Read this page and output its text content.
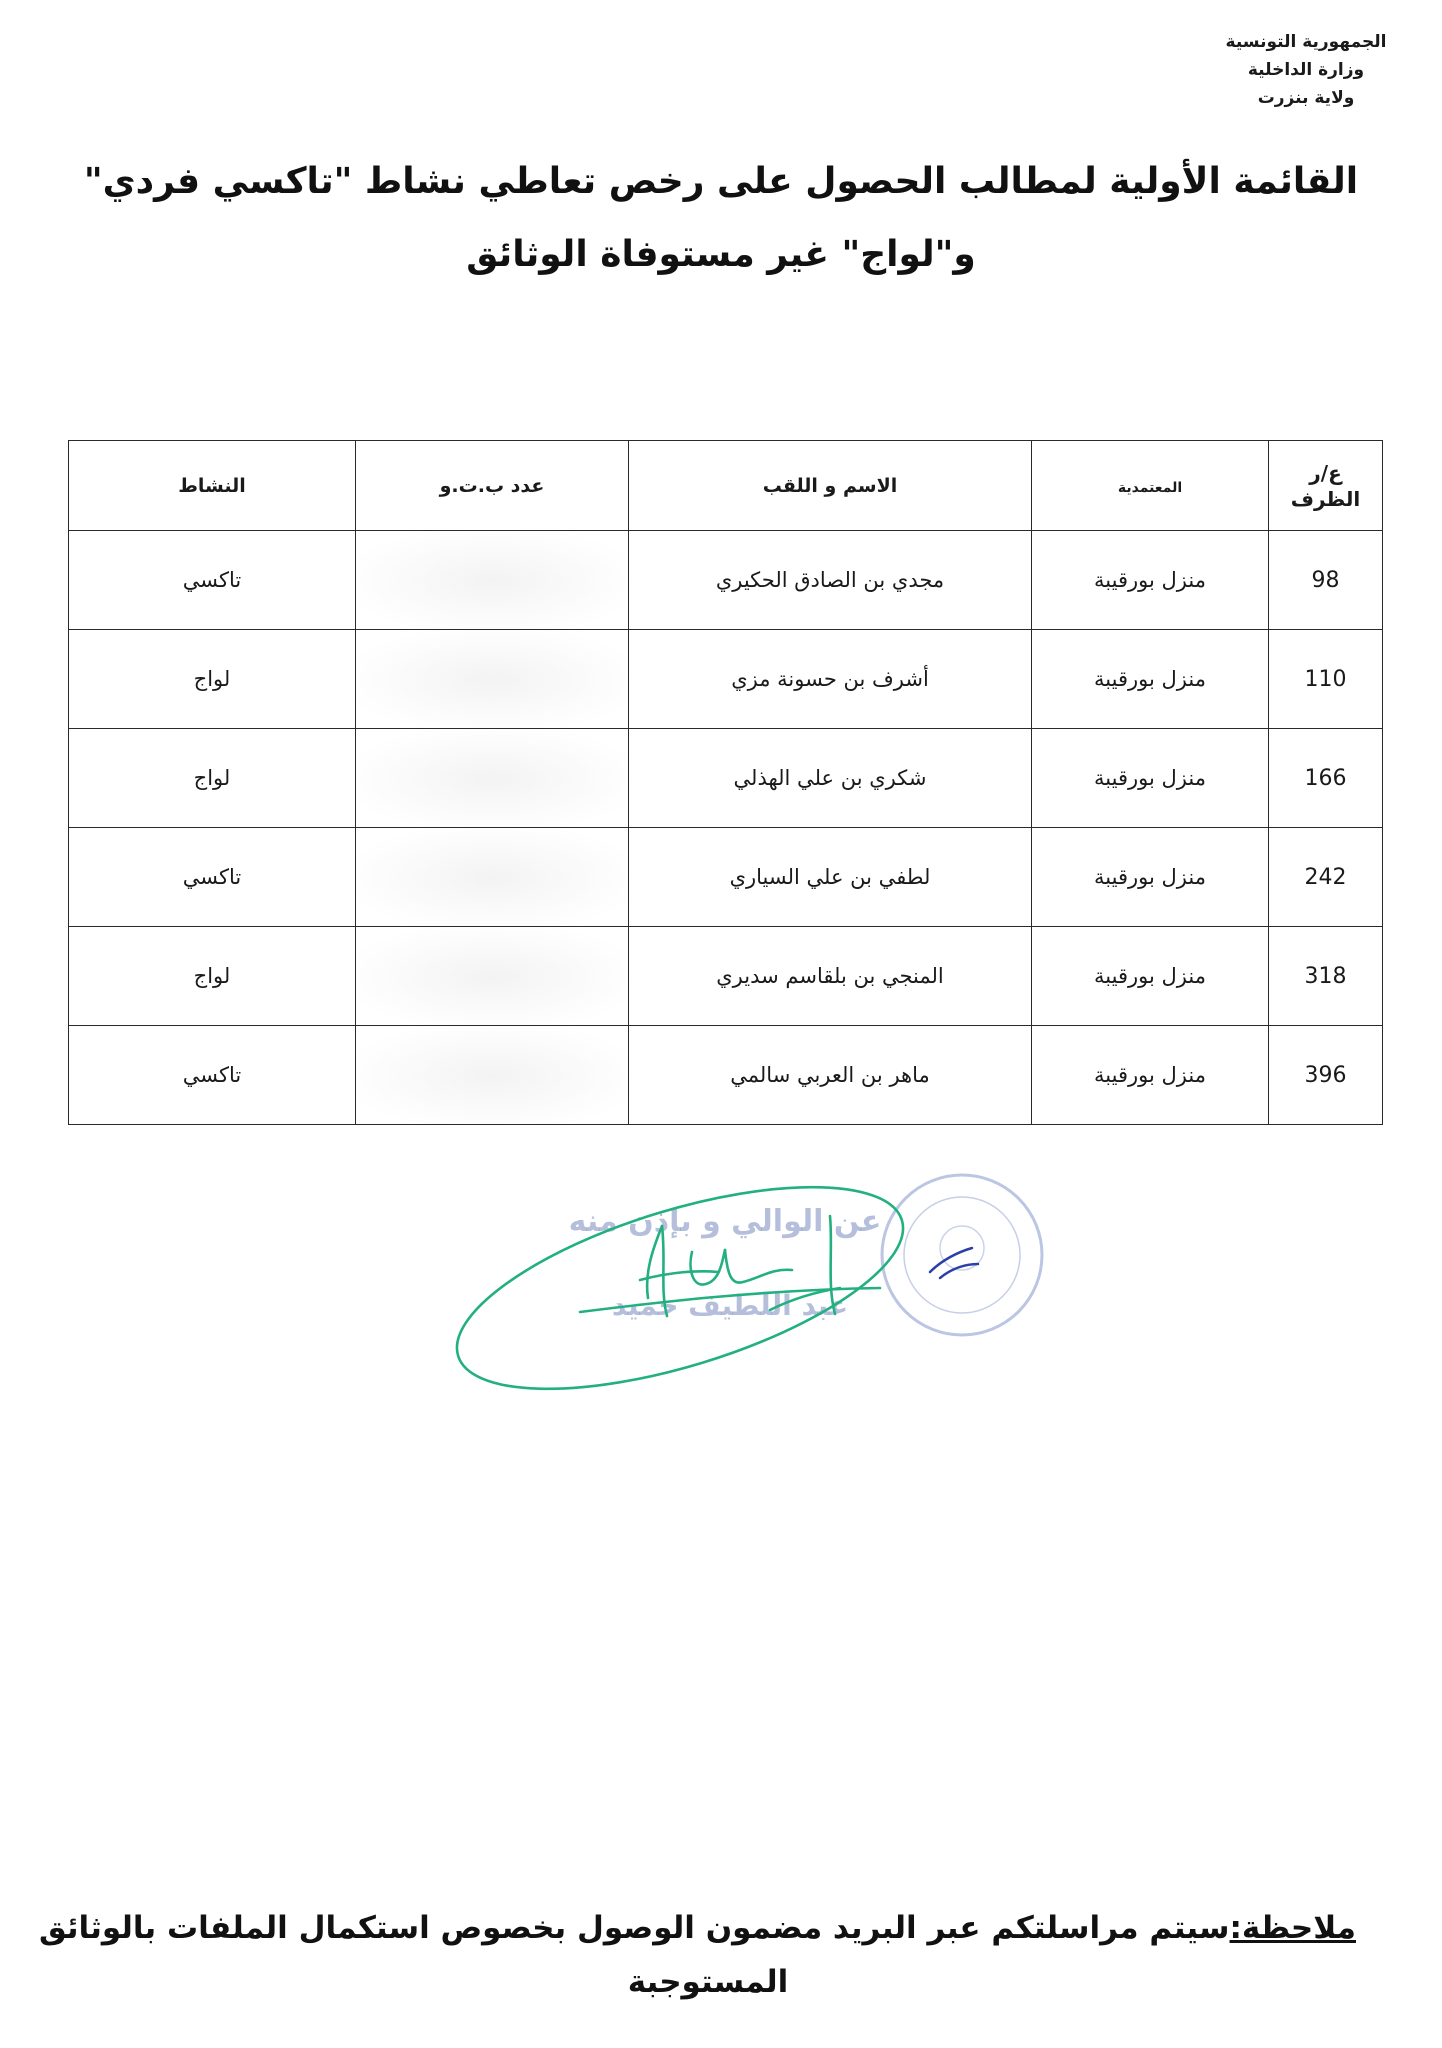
الجمهورية التونسية
وزارة الداخلية
ولاية بنزرت
القائمة الأولية لمطالب الحصول على رخص تعاطي نشاط "تاكسي فردي"
و"لواج" غير مستوفاة الوثائق
ع/ر
الظرف	المعتمدية	الاسم و اللقب	عدد ب.ت.و	النشاط
98	منزل بورقيبة	مجدي بن الصادق الحكيري		تاكسي
110	منزل بورقيبة	أشرف بن حسونة مزي		لواج
166	منزل بورقيبة	شكري بن علي الهذلي		لواج
242	منزل بورقيبة	لطفي بن علي السياري		تاكسي
318	منزل بورقيبة	المنجي بن بلقاسم سديري		لواج
396	منزل بورقيبة	ماهر بن العربي سالمي		تاكسي
عن الوالي و بإذن منه
عبد اللطيف حميد
ملاحظة:سيتم مراسلتكم عبر البريد مضمون الوصول بخصوص استكمال الملفات بالوثائق
المستوجبة
